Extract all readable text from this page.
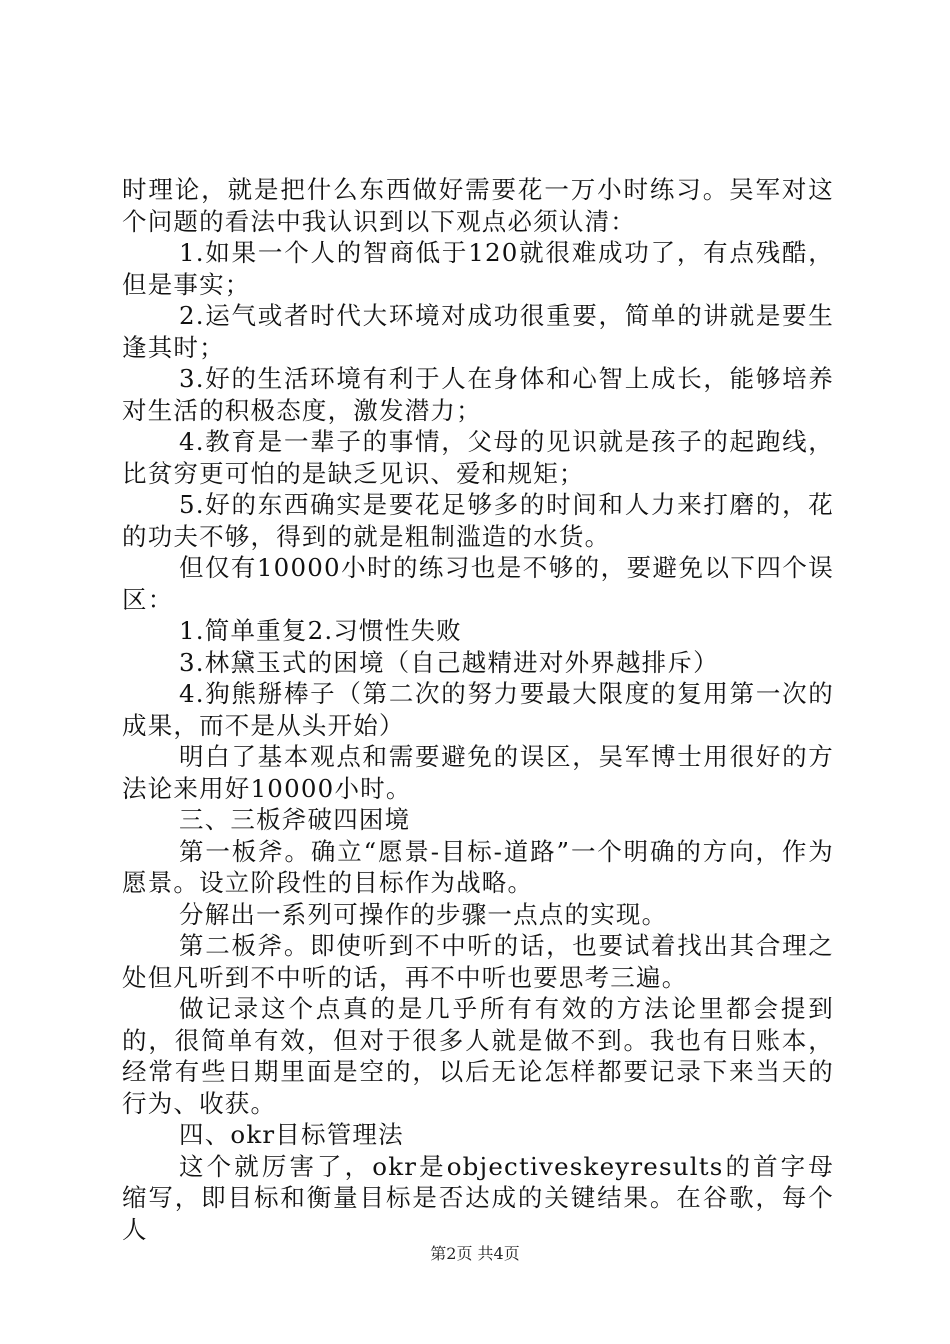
时理论，就是把什么东西做好需要花一万小时练习。吴军对这个问题的看法中我认识到以下观点必须认清：

1.如果一个人的智商低于120就很难成功了，有点残酷，但是事实；

2.运气或者时代大环境对成功很重要，简单的讲就是要生逢其时；

3.好的生活环境有利于人在身体和心智上成长，能够培养对生活的积极态度，激发潜力；

4.教育是一辈子的事情，父母的见识就是孩子的起跑线，比贫穷更可怕的是缺乏见识、爱和规矩；

5.好的东西确实是要花足够多的时间和人力来打磨的，花的功夫不够，得到的就是粗制滥造的水货。

但仅有10000小时的练习也是不够的，要避免以下四个误区：

1.简单重复2.习惯性失败

3.林黛玉式的困境（自己越精进对外界越排斥）

4.狗熊掰棒子（第二次的努力要最大限度的复用第一次的成果，而不是从头开始）

明白了基本观点和需要避免的误区，吴军博士用很好的方法论来用好10000小时。

三、三板斧破四困境

第一板斧。确立“愿景-目标-道路”一个明确的方向，作为愿景。设立阶段性的目标作为战略。

分解出一系列可操作的步骤一点点的实现。

第二板斧。即使听到不中听的话，也要试着找出其合理之处但凡听到不中听的话，再不中听也要思考三遍。

做记录这个点真的是几乎所有有效的方法论里都会提到的，很简单有效，但对于很多人就是做不到。我也有日账本，经常有些日期里面是空的，以后无论怎样都要记录下来当天的行为、收获。

四、okr目标管理法

这个就厉害了，okr是objectiveskeyresults的首字母缩写，即目标和衡量目标是否达成的关键结果。在谷歌，每个人

第2页 共4页
